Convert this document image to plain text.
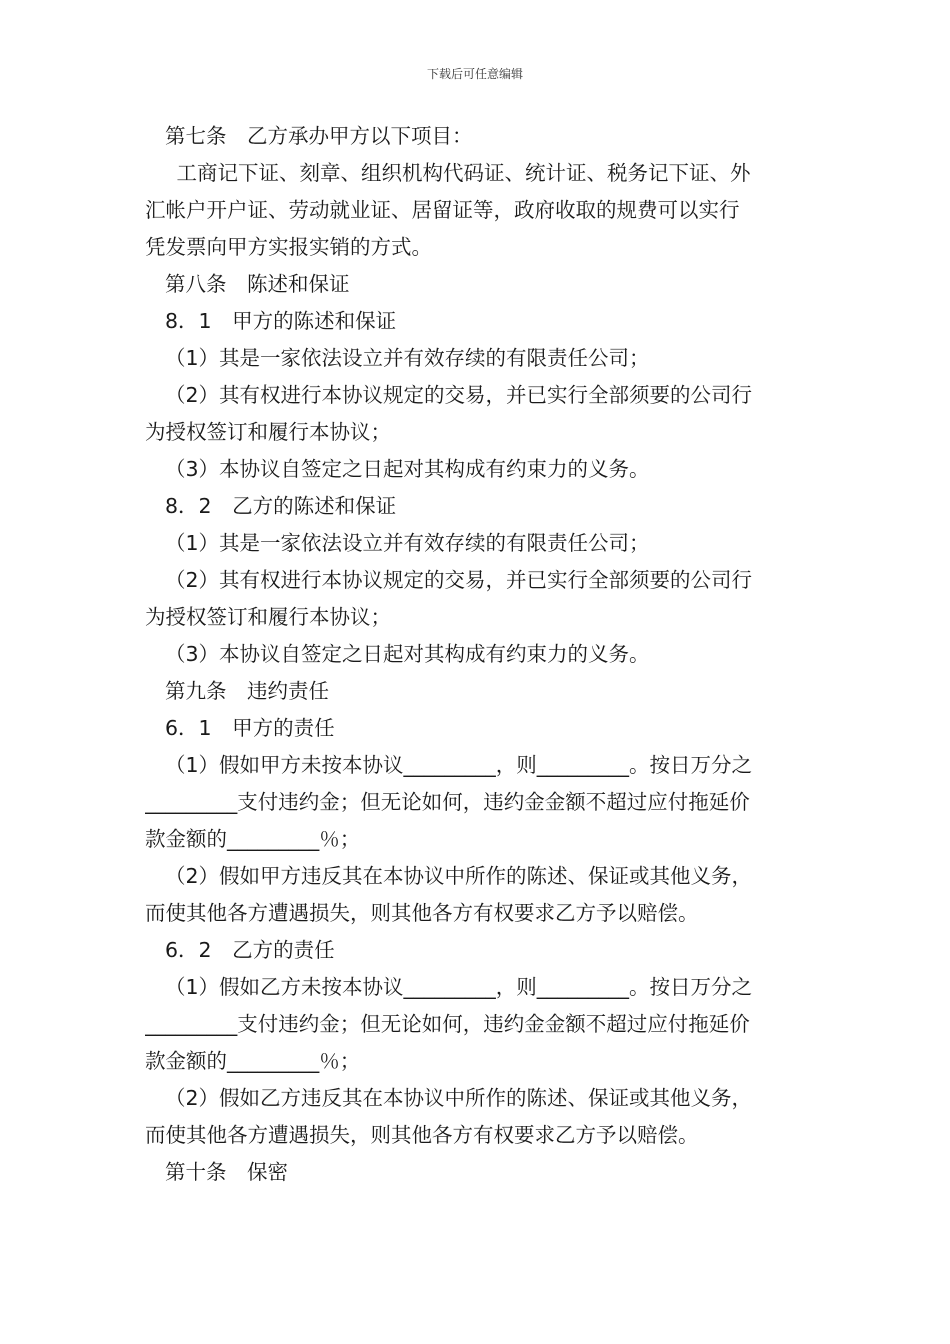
下载后可任意编辑
第七条　乙方承办甲方以下项目：
工商记下证、刻章、组织机构代码证、统计证、税务记下证、外
汇帐户开户证、劳动就业证、居留证等，政府收取的规费可以实行
凭发票向甲方实报实销的方式。
第八条　陈述和保证
8．1　甲方的陈述和保证
（1）其是一家依法设立并有效存续的有限责任公司；
（2）其有权进行本协议规定的交易，并已实行全部须要的公司行
为授权签订和履行本协议；
（3）本协议自签定之日起对其构成有约束力的义务。
8．2　乙方的陈述和保证
（1）其是一家依法设立并有效存续的有限责任公司；
（2）其有权进行本协议规定的交易，并已实行全部须要的公司行
为授权签订和履行本协议；
（3）本协议自签定之日起对其构成有约束力的义务。
第九条　违约责任
6．1　甲方的责任
（1）假如甲方未按本协议_________，则_________。按日万分之
_________支付违约金；但无论如何，违约金金额不超过应付拖延价
款金额的_________％；
（2）假如甲方违反其在本协议中所作的陈述、保证或其他义务，
而使其他各方遭遇损失，则其他各方有权要求乙方予以赔偿。
6．2　乙方的责任
（1）假如乙方未按本协议_________，则_________。按日万分之
_________支付违约金；但无论如何，违约金金额不超过应付拖延价
款金额的_________％；
（2）假如乙方违反其在本协议中所作的陈述、保证或其他义务，
而使其他各方遭遇损失，则其他各方有权要求乙方予以赔偿。
第十条　保密
